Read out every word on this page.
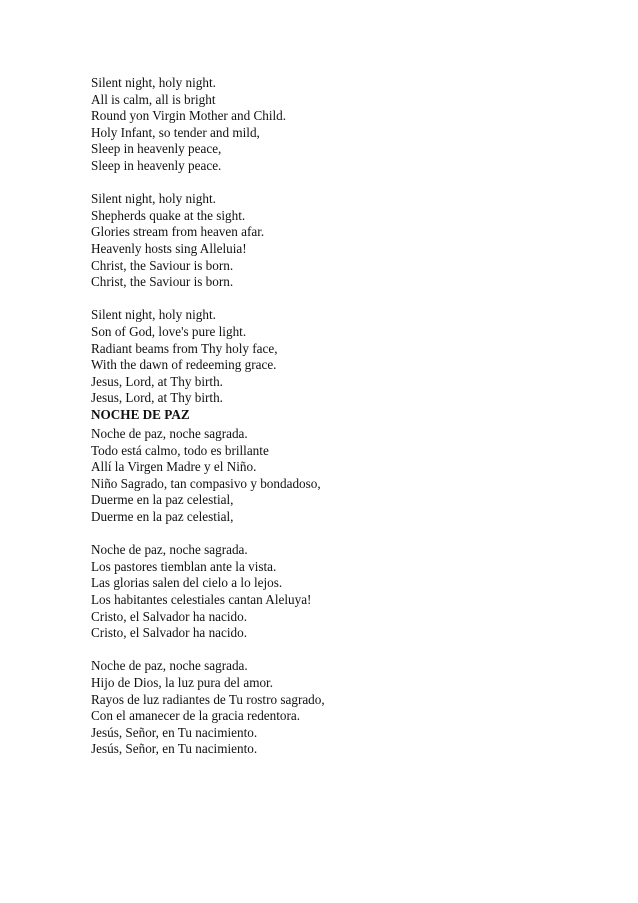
Silent night, holy night.
All is calm, all is bright
Round yon Virgin Mother and Child.
Holy Infant, so tender and mild,
Sleep in heavenly peace,
Sleep in heavenly peace.
Silent night, holy night.
Shepherds quake at the sight.
Glories stream from heaven afar.
Heavenly hosts sing Alleluia!
Christ, the Saviour is born.
Christ, the Saviour is born.
Silent night, holy night.
Son of God, love's pure light.
Radiant beams from Thy holy face,
With the dawn of redeeming grace.
Jesus, Lord, at Thy birth.
Jesus, Lord, at Thy birth.
NOCHE DE PAZ
Noche de paz, noche sagrada.
Todo está calmo, todo es brillante
Allí la Virgen Madre y el Niño.
Niño Sagrado, tan compasivo y bondadoso,
Duerme en la paz celestial,
Duerme en la paz celestial,
Noche de paz, noche sagrada.
Los pastores tiemblan ante la vista.
Las glorias salen del cielo a lo lejos.
Los habitantes celestiales cantan Aleluya!
Cristo, el Salvador ha nacido.
Cristo, el Salvador ha nacido.
Noche de paz, noche sagrada.
Hijo de Dios, la luz pura del amor.
Rayos de luz radiantes de Tu rostro sagrado,
Con el amanecer de la gracia redentora.
Jesús, Señor, en Tu nacimiento.
Jesús, Señor, en Tu nacimiento.
